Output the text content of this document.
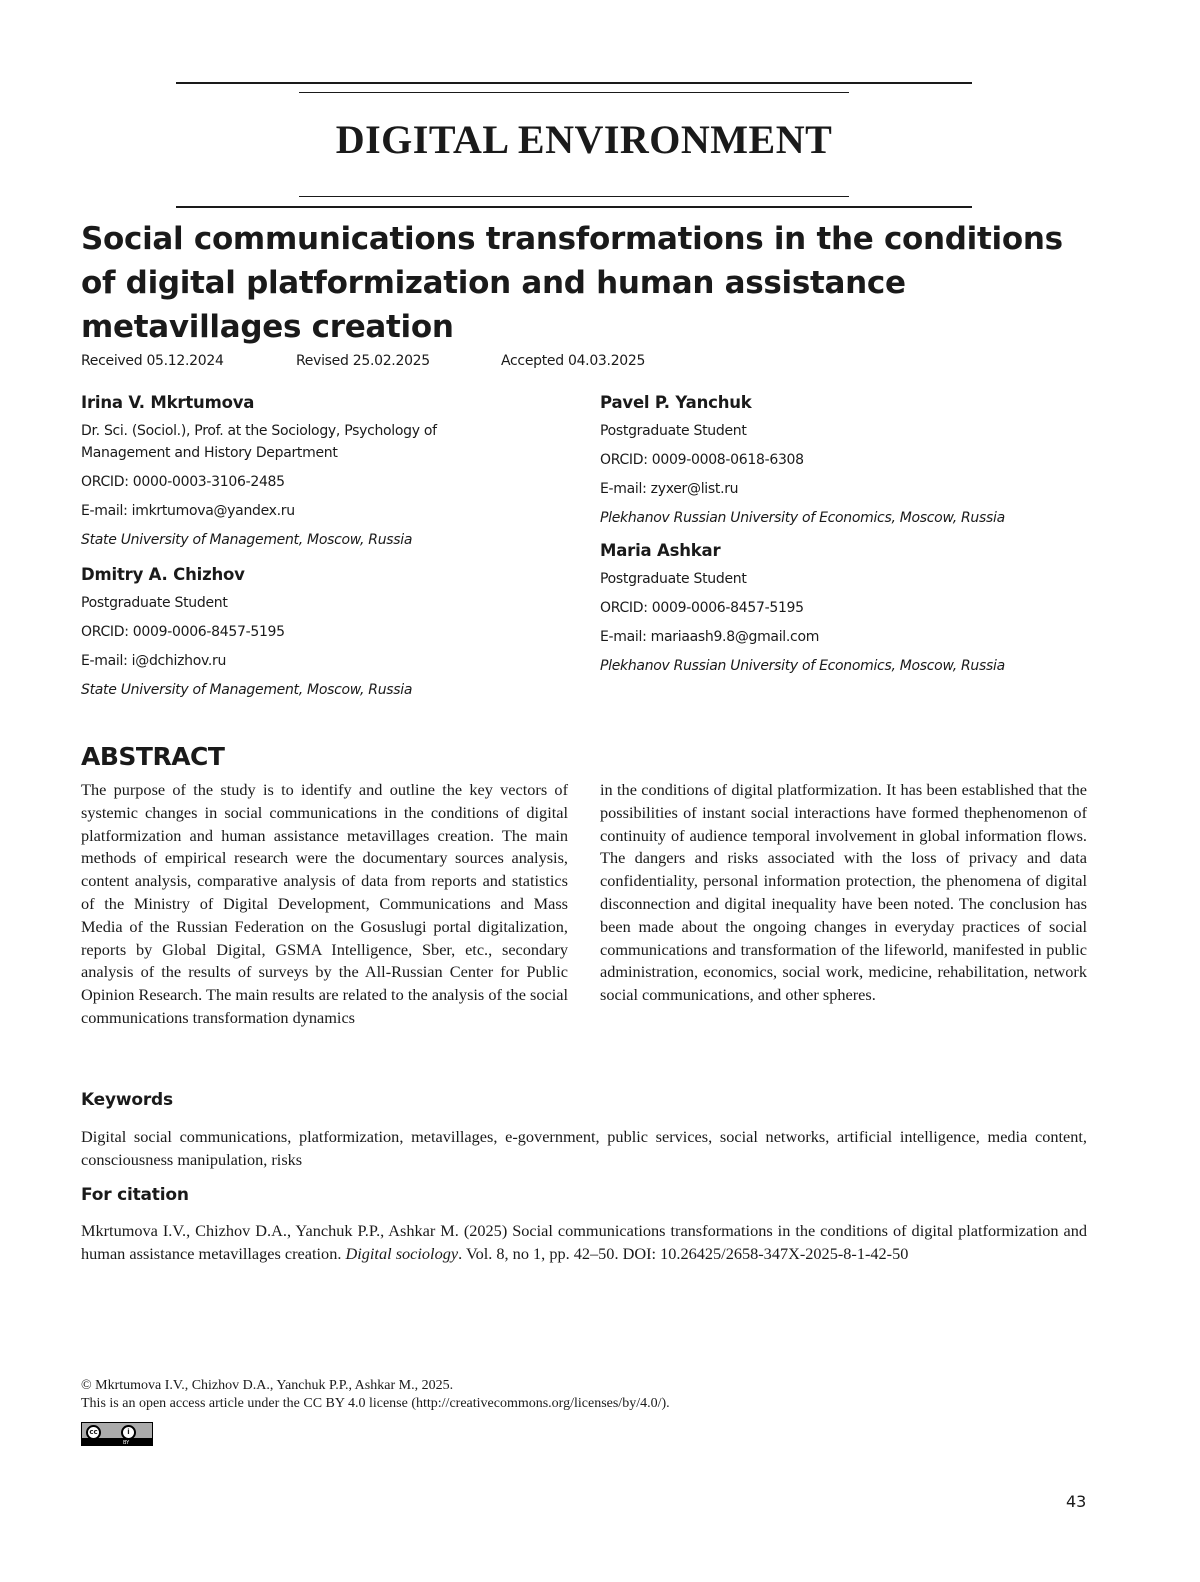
DIGITAL ENVIRONMENT
Social communications transformations in the conditions of digital platformization and human assistance metavillages creation
Received 05.12.2024	Revised 25.02.2025	Accepted 04.03.2025
Irina V. Mkrtumova
Dr. Sci. (Sociol.), Prof. at the Sociology, Psychology of Management and History Department
ORCID: 0000-0003-3106-2485
E-mail: imkrtumova@yandex.ru
State University of Management, Moscow, Russia
Dmitry A. Chizhov
Postgraduate Student
ORCID: 0009-0006-8457-5195
E-mail: i@dchizhov.ru
State University of Management, Moscow, Russia
Pavel P. Yanchuk
Postgraduate Student
ORCID: 0009-0008-0618-6308
E-mail: zyxer@list.ru
Plekhanov Russian University of Economics, Moscow, Russia
Maria Ashkar
Postgraduate Student
ORCID: 0009-0006-8457-5195
E-mail: mariaash9.8@gmail.com
Plekhanov Russian University of Economics, Moscow, Russia
ABSTRACT

The purpose of the study is to identify and outline the key vectors of systemic changes in social communications in the conditions of digital platformization and human assistance metavillages creation. The main methods of empirical research were the documentary sources analysis, content analysis, comparative analysis of data from reports and statistics of the Ministry of Digital Development, Communications and Mass Media of the Russian Federation on the Gosuslugi portal digitalization, reports by Global Digital, GSMA Intelligence, Sber, etc., secondary analysis of the results of surveys by the All-Russian Center for Public Opinion Research. The main results are related to the analysis of the social communications transformation dynamics

in the conditions of digital platformization. It has been established that the possibilities of instant social interactions have formed thephenomenon of continuity of audience temporal involvement in global information flows. The dangers and risks associated with the loss of privacy and data confidentiality, personal information protection, the phenomena of digital disconnection and digital inequality have been noted. The conclusion has been made about the ongoing changes in everyday practices of social communications and transformation of the lifeworld, manifested in public administration, economics, social work, medicine, rehabilitation, network social communications, and other spheres.

Keywords

Digital social communications, platformization, metavillages, e-government, public services, social networks, artificial intelligence, media content, consciousness manipulation, risks

For citation

Mkrtumova I.V., Chizhov D.A., Yanchuk P.P., Ashkar M. (2025) Social communications transformations in the conditions of digital platformization and human assistance metavillages creation. Digital sociology. Vol. 8, no 1, pp. 42–50. DOI: 10.26425/2658-347X-2025-8-1-42-50

© Mkrtumova I.V., Chizhov D.A., Yanchuk P.P., Ashkar M., 2025.
This is an open access article under the CC BY 4.0 license (http://creativecommons.org/licenses/by/4.0/).
cc	i
BY
43
